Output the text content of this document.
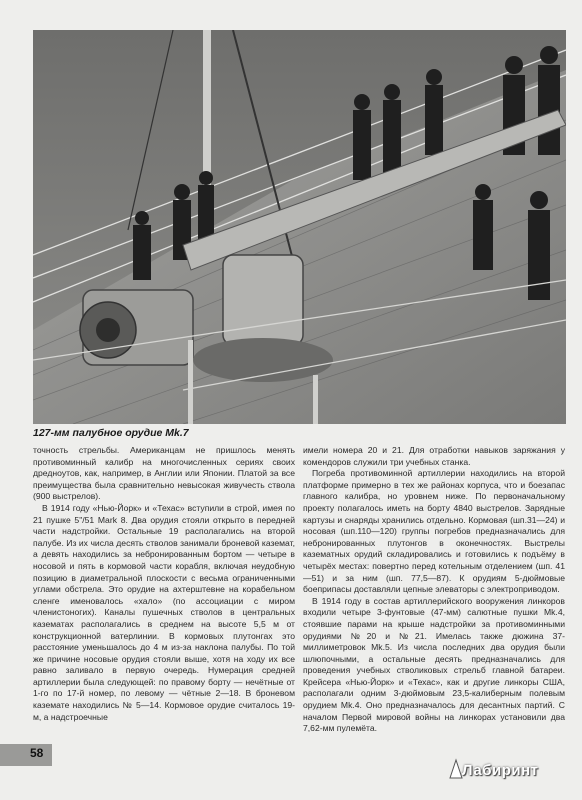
127-мм палубное орудие Mk.7

точность стрельбы. Американцам не пришлось менять противоминный калибр на многочисленных сериях своих дредноутов, как, например, в Англии или Японии. Платой за все преимущества была сравнительно невысокая живучесть ствола (900 выстрелов).

В 1914 году «Нью-Йорк» и «Техас» вступили в строй, имея по 21 пушке 5"/51 Mark 8. Два орудия стояли открыто в передней части надстройки. Остальные 19 располагались на второй палубе. Из их числа десять стволов занимали броневой каземат, а девять находились за небронированным бортом — четыре в носовой и пять в кормовой части корабля, включая неудобную позицию в диаметральной плоскости с весьма ограниченными углами обстрела. Это орудие на ахтерштевне на корабельном сленге именовалось «хало» (по ассоциации с миром членистоногих). Каналы пушечных стволов в центральных казематах располагались в среднем на высоте 5,5 м от конструкционной ватерлинии. В кормовых плутонгах это расстояние уменьшалось до 4 м из-за наклона палубы. По той же причине носовые орудия стояли выше, хотя на ходу их все равно заливало в первую очередь. Нумерация средней артиллерии была следующей: по правому борту — нечётные от 1-го по 17-й номер, по левому — чётные 2—18. В броневом каземате находились № 5—14. Кормовое орудие считалось 19-м, а надстроечные

имели номера 20 и 21. Для отработки навыков заряжания у комендоров служили три учебных станка.

Погреба противоминной артиллерии находились на второй платформе примерно в тех же районах корпуса, что и боезапас главного калибра, но уровнем ниже. По первоначальному проекту полагалось иметь на борту 4840 выстрелов. Зарядные картузы и снаряды хранились отдельно. Кормовая (шп.31—24) и носовая (шп.110—120) группы погребов предназначались для небронированных плутонгов в оконечностях. Выстрелы казематных орудий складировались и готовились к подъёму в четырёх местах: повертно перед котельным отделением (шп. 41—51) и за ним (шп. 77,5—87). К орудиям 5-дюймовые боеприпасы доставляли цепные элеваторы с электроприводом.

В 1914 году в состав артиллерийского вооружения линкоров входили четыре 3-фунтовые (47-мм) салютные пушки Mk.4, стоявшие парами на крыше надстройки за противоминными орудиями №20 и №21. Имелась также дюжина 37-миллиметровок Mk.5. Из числа последних два орудия были шлюпочными, а остальные десять предназначались для проведения учебных стволиковых стрельб главной батареи. Крейсера «Нью-Йорк» и «Техас», как и другие линкоры США, располагали одним 3-дюймовым 23,5-калиберным полевым орудием Mk.4. Оно предназначалось для десантных партий. С началом Первой мировой войны на линкорах установили два 7,62-мм пулемёта.

58
Лабиринт
